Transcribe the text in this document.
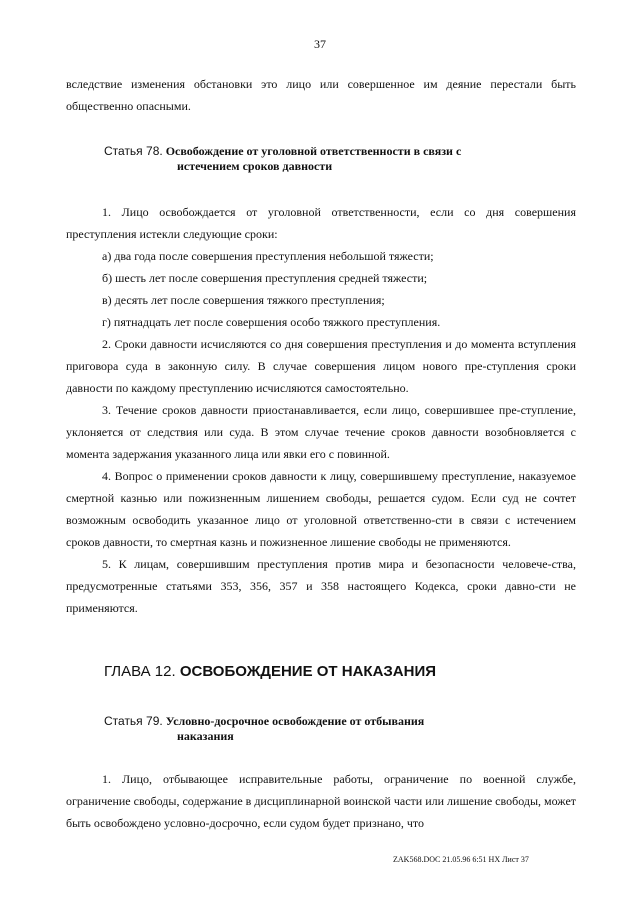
37

вследствие изменения обстановки это лицо или совершенное им деяние перестали быть

общественно опасными.

Статья 78. Освобождение от уголовной ответственности в связи с
истечением сроков давности

1. Лицо освобождается от уголовной ответственности, если со дня совершения преступления истекли следующие сроки:

а) два года после совершения преступления небольшой тяжести;

б) шесть лет после совершения преступления средней тяжести;

в) десять лет после совершения тяжкого преступления;

г) пятнадцать лет после совершения особо тяжкого преступления.

2. Сроки давности исчисляются со дня совершения преступления и до момента вступления приговора суда в законную силу. В случае совершения лицом нового пре-ступления сроки давности по каждому преступлению исчисляются самостоятельно.

3. Течение сроков давности приостанавливается, если лицо, совершившее пре-ступление, уклоняется от следствия или суда. В этом случае течение сроков давности возобновляется с момента задержания указанного лица или явки его с повинной.

4. Вопрос о применении сроков давности к лицу, совершившему преступление, наказуемое смертной казнью или пожизненным лишением свободы, решается судом. Если суд не сочтет возможным освободить указанное лицо от уголовной ответственно-сти в связи с истечением сроков давности, то смертная казнь и пожизненное лишение свободы не применяются.

5. К лицам, совершившим преступления против мира и безопасности человече-ства, предусмотренные статьями 353, 356, 357 и 358 настоящего Кодекса, сроки давно-сти не применяются.

ГЛАВА 12. ОСВОБОЖДЕНИЕ ОТ НАКАЗАНИЯ
Статья 79. Условно-досрочное освобождение от отбывания
наказания

1. Лицо, отбывающее исправительные работы, ограничение по военной службе, ограничение свободы, содержание в дисциплинарной воинской части или лишение свободы, может быть освобождено условно-досрочно, если судом будет признано, что

ZAK568.DOC 21.05.96 6:51 НХ Лист 37
